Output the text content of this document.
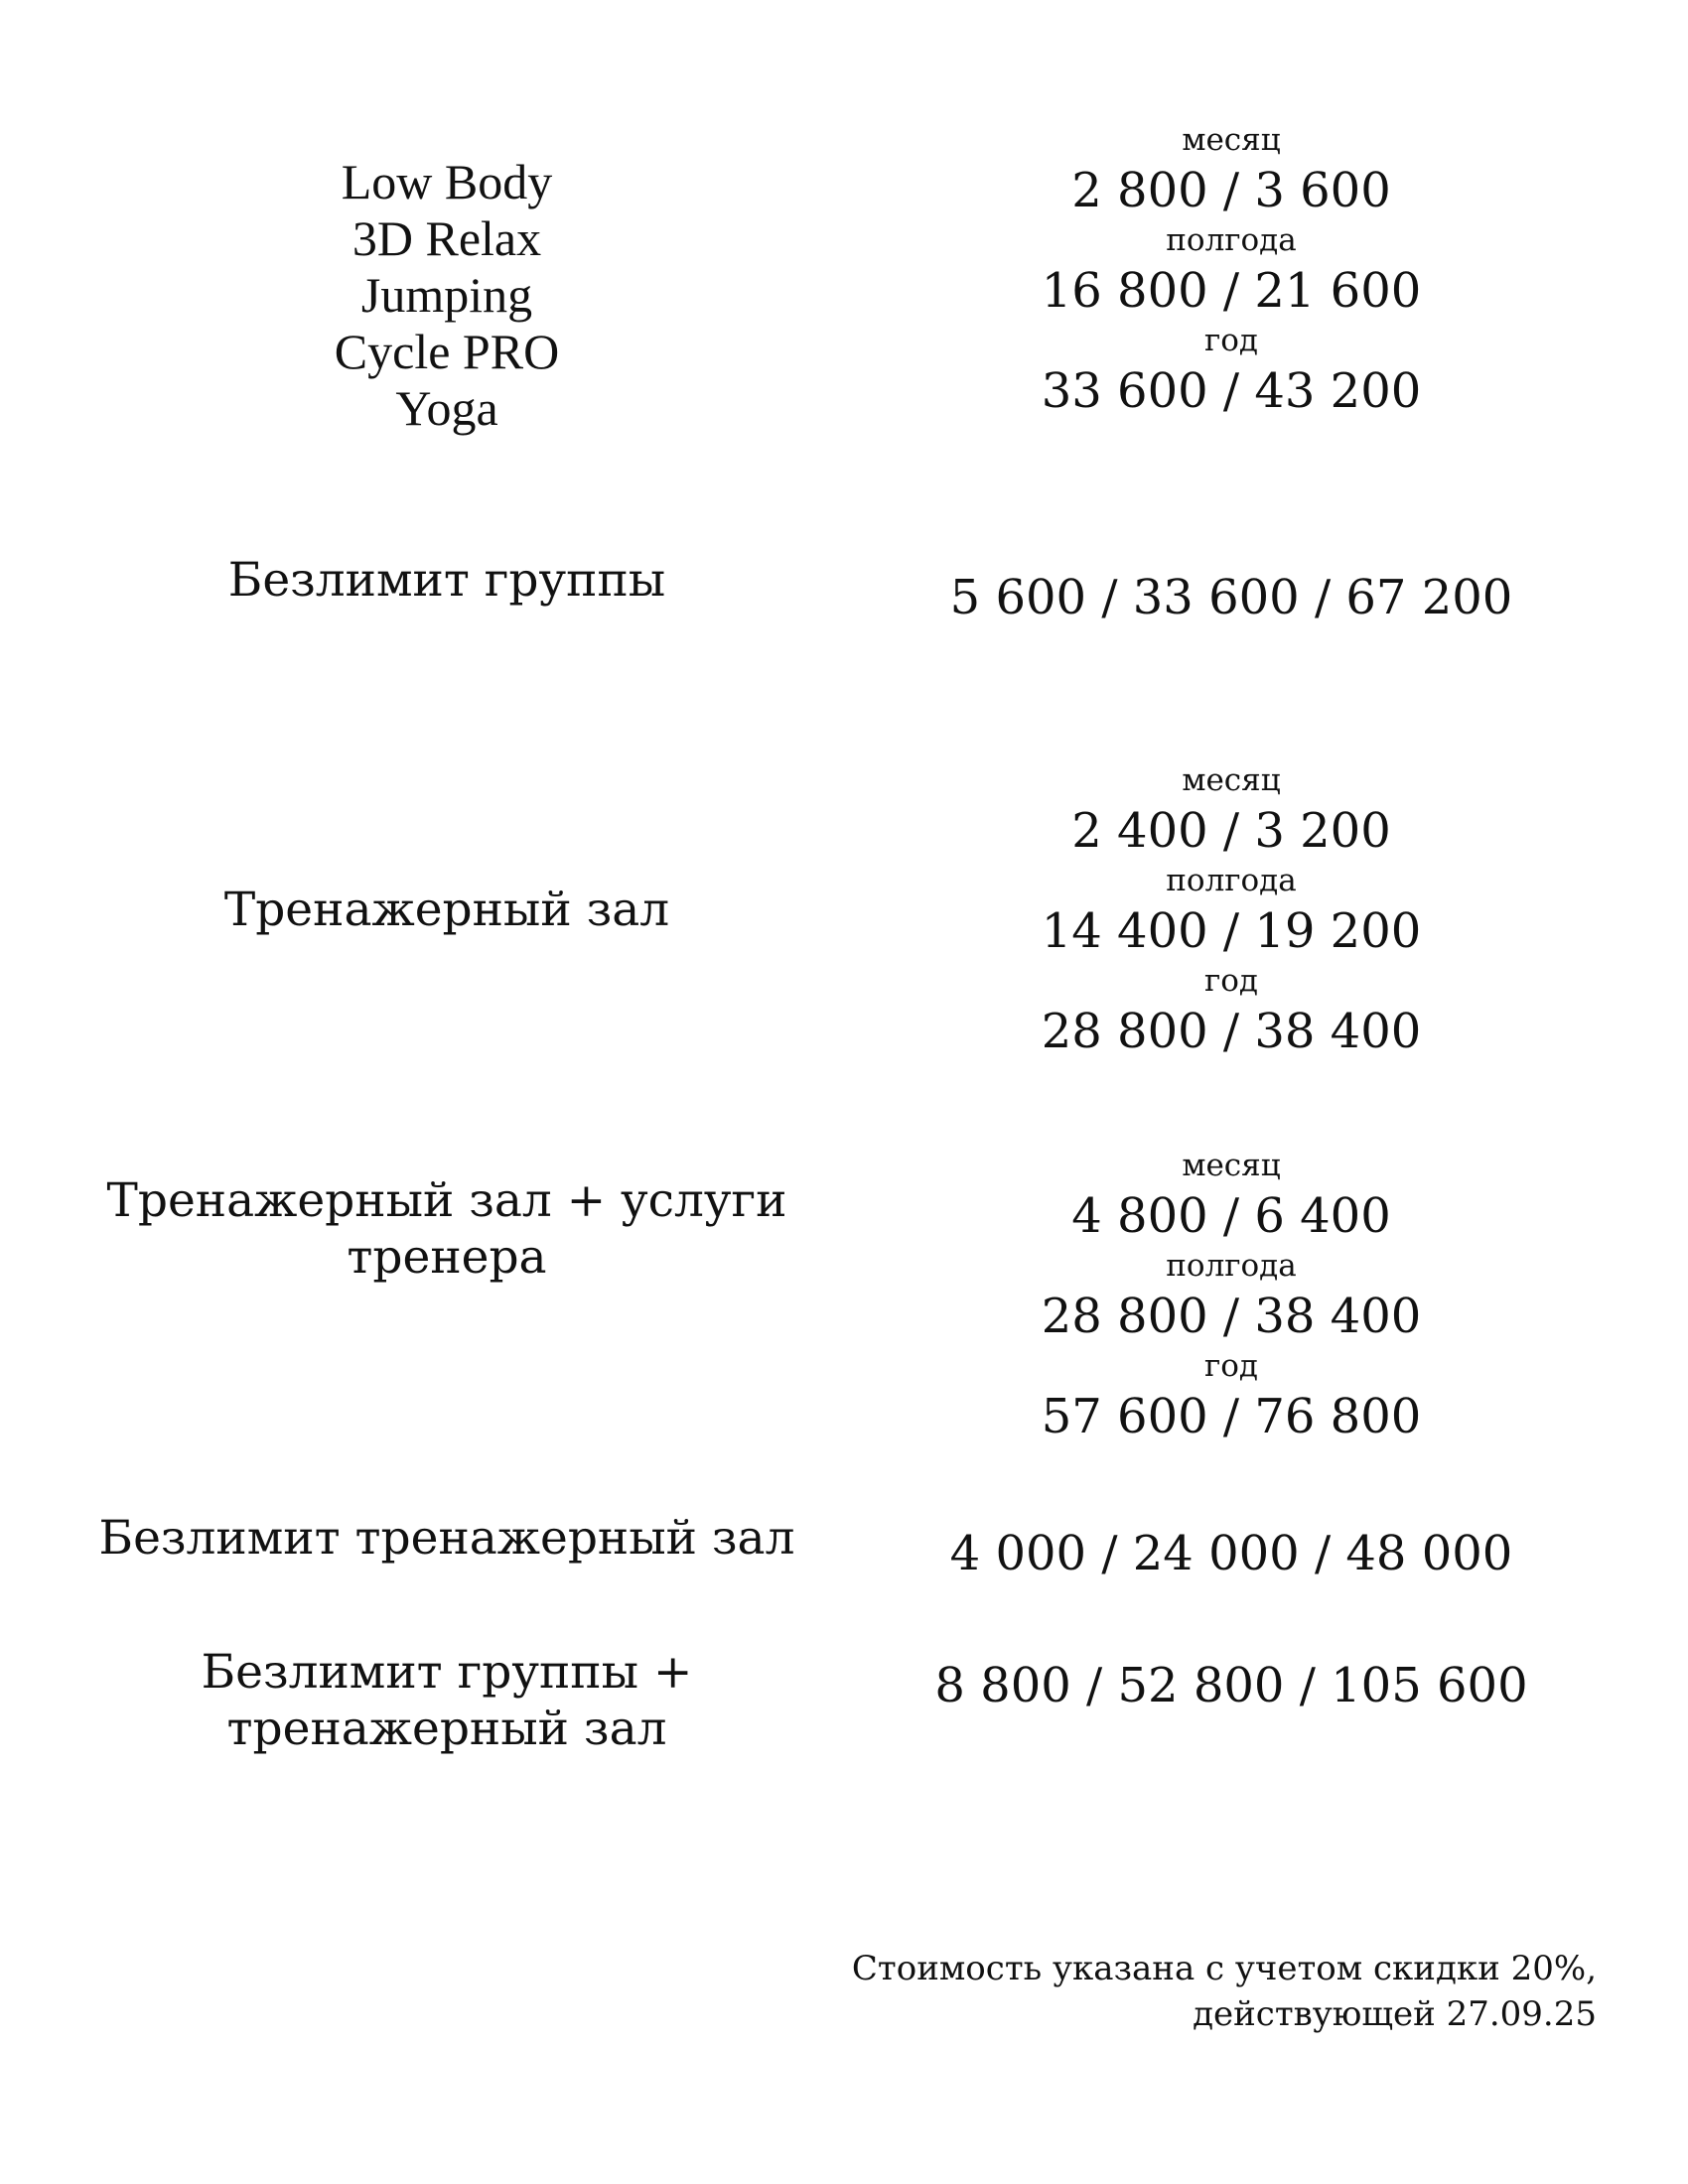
Low Body
3D Relax
Jumping
Cycle PRO
Yoga
месяц
2 800 / 3 600
полгода
16 800 / 21 600
год
33 600 / 43 200
Безлимит группы	5 600 / 33 600 / 67 200
Тренажерный зал
месяц
2 400 / 3 200
полгода
14 400 / 19 200
год
28 800 / 38 400
Тренажерный зал + услуги
тренера
месяц
4 800 / 6 400
полгода
28 800 / 38 400
год
57 600 / 76 800
Безлимит тренажерный зал	4 000 / 24 000 / 48 000
Безлимит группы +
тренажерный зал
8 800 / 52 800 / 105 600
Стоимость указана с учетом скидки 20%,
действующей 27.09.25
